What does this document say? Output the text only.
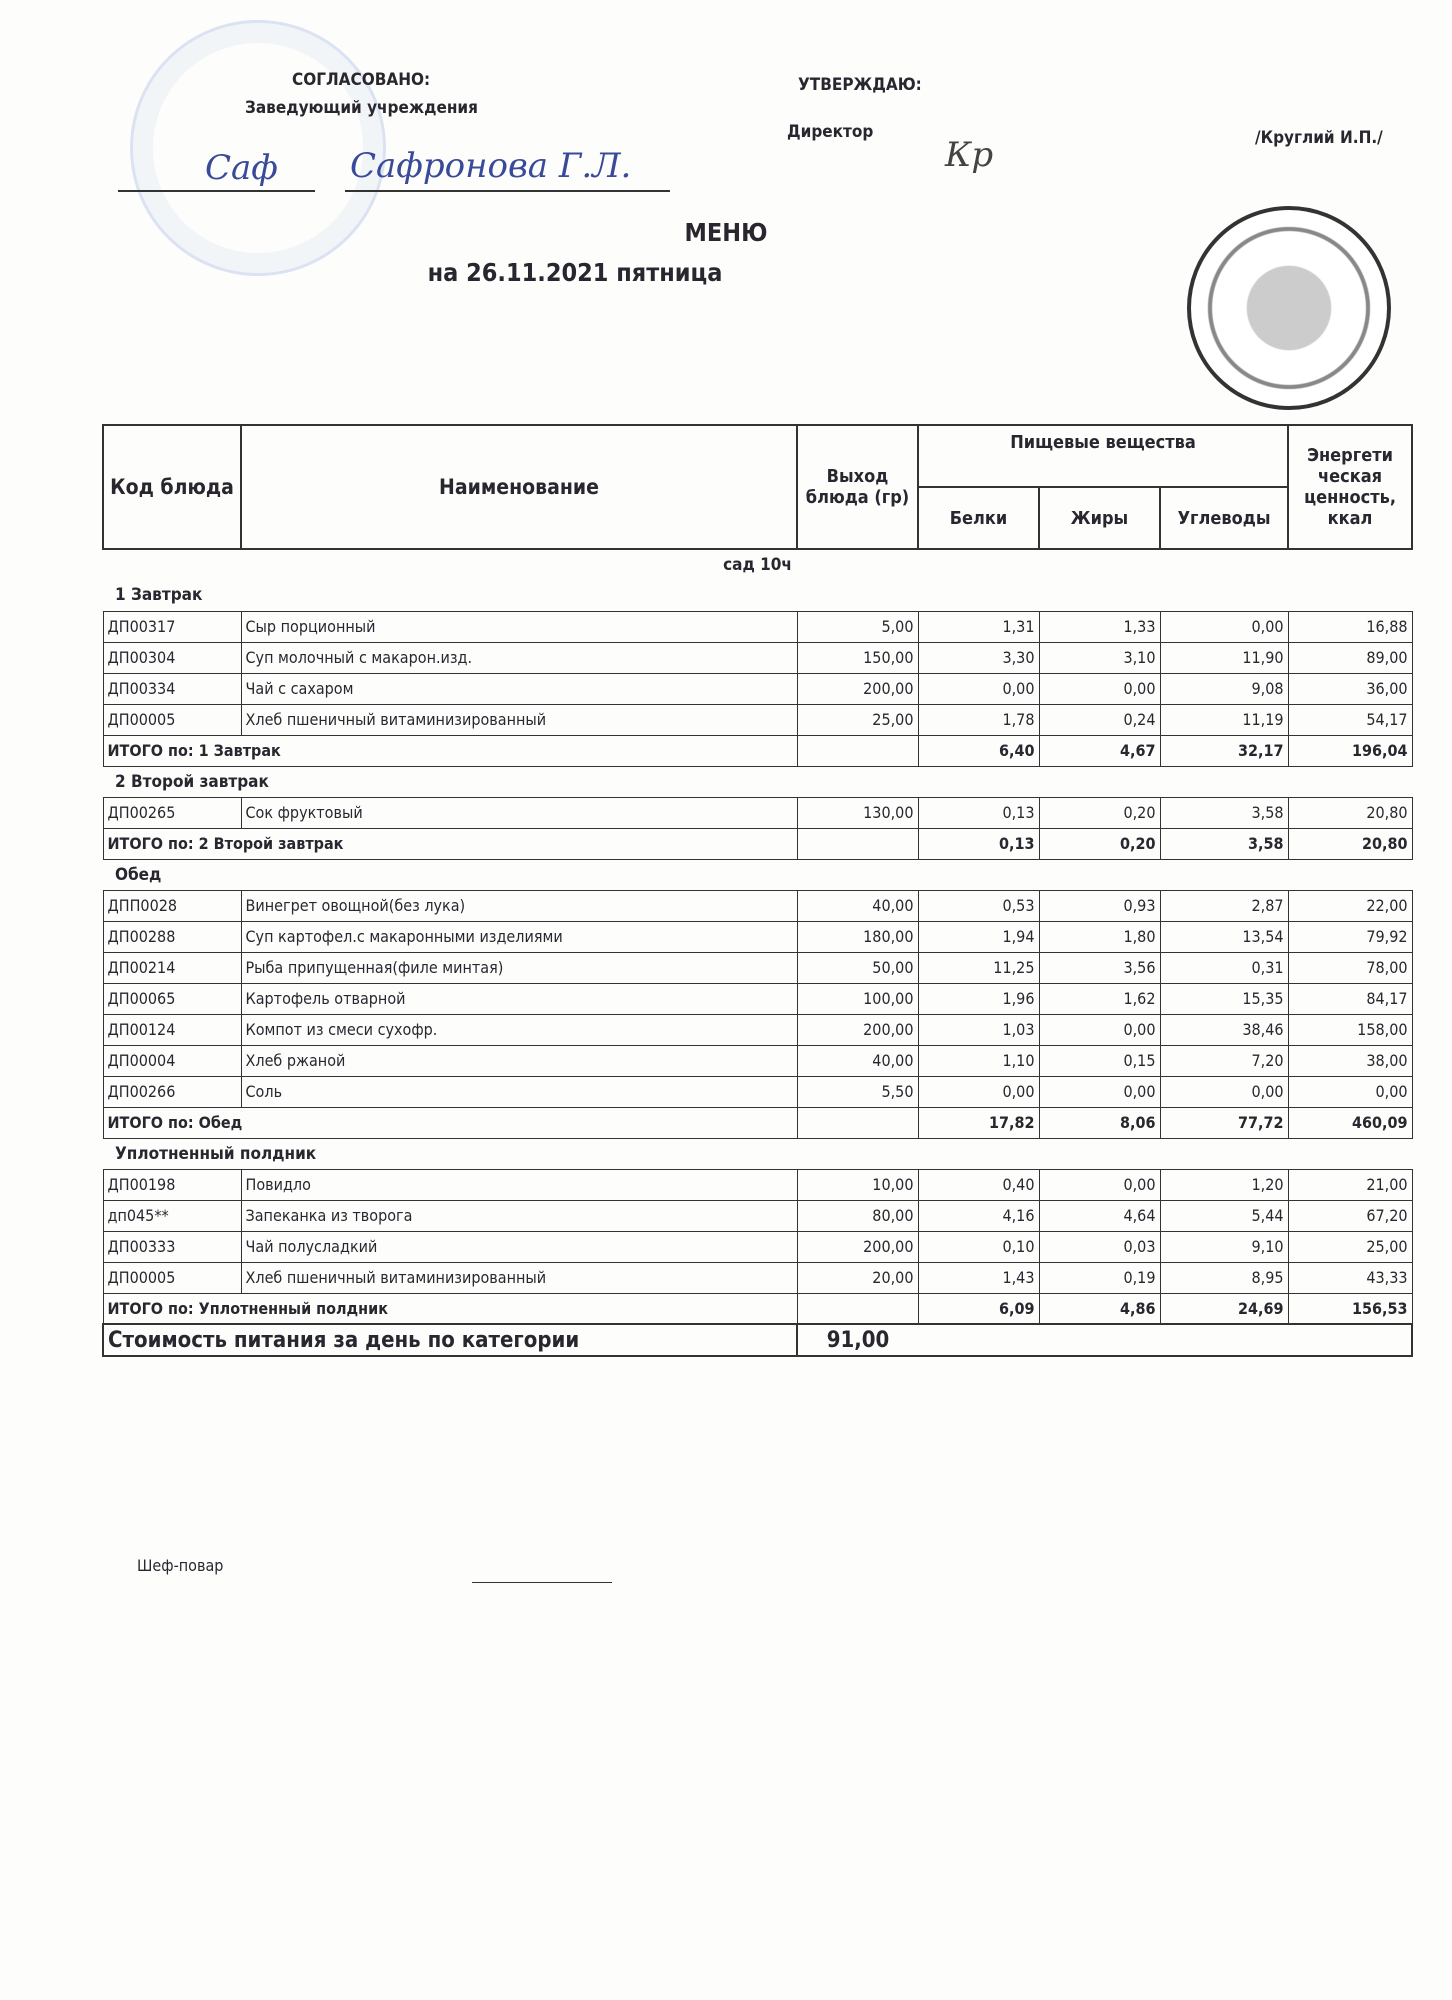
СОГЛАСОВАНО:
Заведующий учреждения
Саф Сафронова Г.Л.
УТВЕРЖДАЮ:
Директор
Кр	/Круглий И.П./
МЕНЮ
на 26.11.2021 пятница
Код блюда	Наименование	Выход блюда (гр)	Пищевые вещества			Энергети ческая ценность, ккал
			Белки	Жиры	Углеводы	
сад 10ч						
1 Завтрак						
ДП00317	Сыр порционный	5,00	1,31	1,33	0,00	16,88
ДП00304	Суп молочный с макарон.изд.	150,00	3,30	3,10	11,90	89,00
ДП00334	Чай с сахаром	200,00	0,00	0,00	9,08	36,00
ДП00005	Хлеб пшеничный витаминизированный	25,00	1,78	0,24	11,19	54,17
ИТОГО по: 1 Завтрак			6,40	4,67	32,17	196,04
2 Второй завтрак						
ДП00265	Сок фруктовый	130,00	0,13	0,20	3,58	20,80
ИТОГО по: 2 Второй завтрак			0,13	0,20	3,58	20,80
Обед						
ДПП0028	Винегрет овощной(без лука)	40,00	0,53	0,93	2,87	22,00
ДП00288	Суп картофел.с макаронными изделиями	180,00	1,94	1,80	13,54	79,92
ДП00214	Рыба припущенная(филе минтая)	50,00	11,25	3,56	0,31	78,00
ДП00065	Картофель отварной	100,00	1,96	1,62	15,35	84,17
ДП00124	Компот из смеси сухофр.	200,00	1,03	0,00	38,46	158,00
ДП00004	Хлеб ржаной	40,00	1,10	0,15	7,20	38,00
ДП00266	Соль	5,50	0,00	0,00	0,00	0,00
ИТОГО по: Обед			17,82	8,06	77,72	460,09
Уплотненный полдник						
ДП00198	Повидло	10,00	0,40	0,00	1,20	21,00
дп045**	Запеканка из творога	80,00	4,16	4,64	5,44	67,20
ДП00333	Чай полусладкий	200,00	0,10	0,03	9,10	25,00
ДП00005	Хлеб пшеничный витаминизированный	20,00	1,43	0,19	8,95	43,33
ИТОГО по: Уплотненный полдник			6,09	4,86	24,69	156,53
Стоимость питания за день по категории		91,00				
Шеф-повар
